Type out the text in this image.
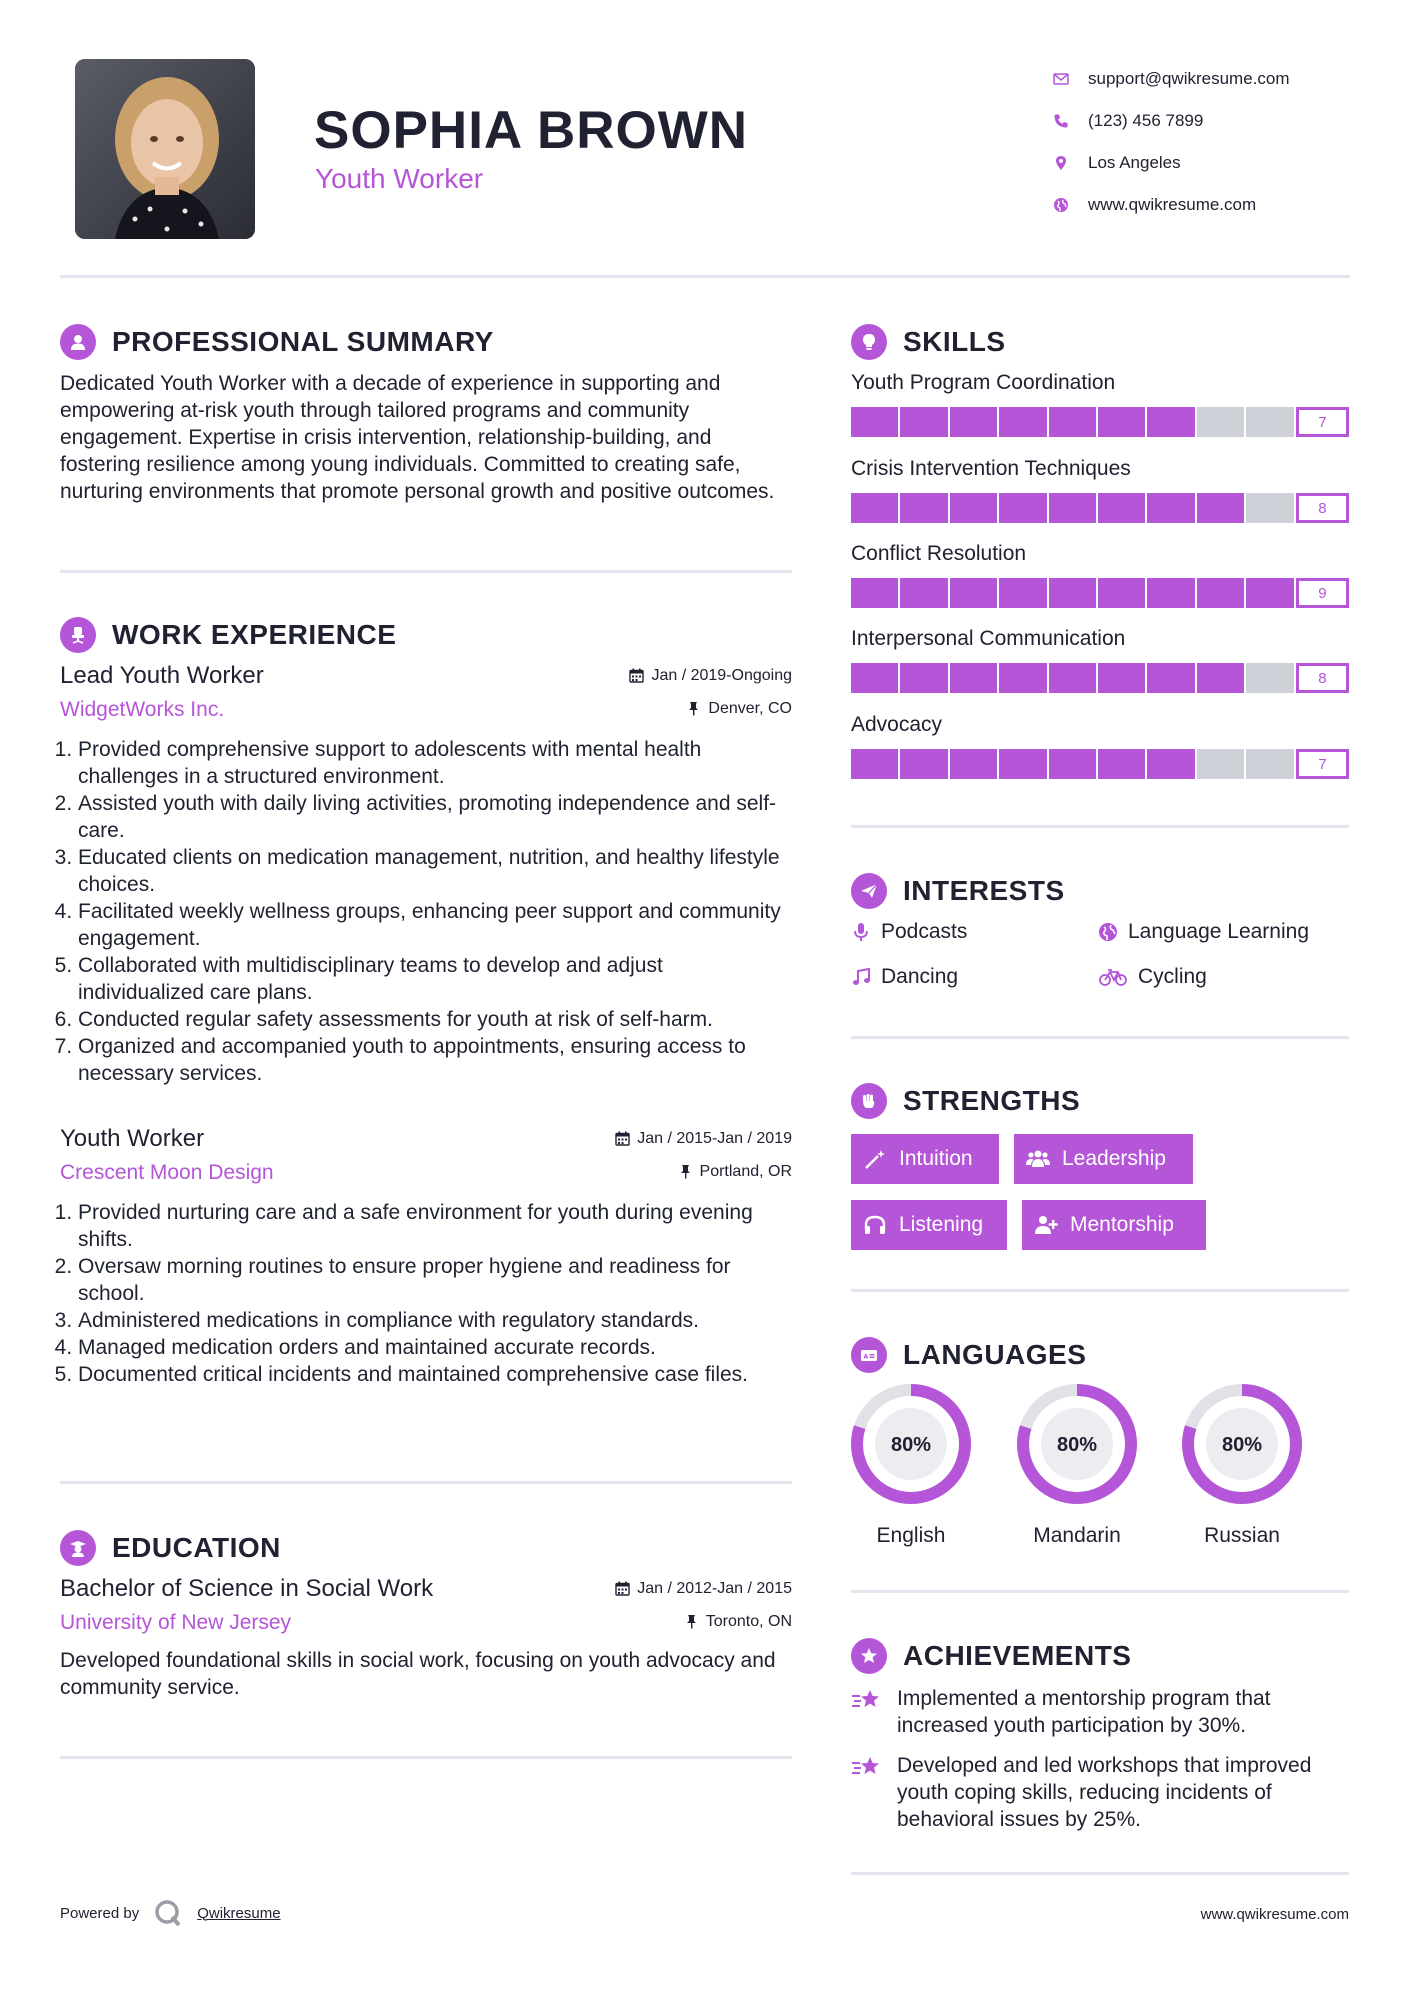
SOPHIA BROWN
Youth Worker
support@qwikresume.com
(123) 456 7899
Los Angeles
www.qwikresume.com
PROFESSIONAL SUMMARY
Dedicated Youth Worker with a decade of experience in supporting and empowering at-risk youth through tailored programs and community engagement. Expertise in crisis intervention, relationship-building, and fostering resilience among young individuals. Committed to creating safe, nurturing environments that promote personal growth and positive outcomes.
WORK EXPERIENCE
Lead Youth Worker	Jan / 2019-Ongoing
WidgetWorks Inc.	Denver, CO
1. Provided comprehensive support to adolescents with mental health challenges in a structured environment.
2. Assisted youth with daily living activities, promoting independence and self-care.
3. Educated clients on medication management, nutrition, and healthy lifestyle choices.
4. Facilitated weekly wellness groups, enhancing peer support and community engagement.
5. Collaborated with multidisciplinary teams to develop and adjust individualized care plans.
6. Conducted regular safety assessments for youth at risk of self-harm.
7. Organized and accompanied youth to appointments, ensuring access to necessary services.
Youth Worker	Jan / 2015-Jan / 2019
Crescent Moon Design	Portland, OR
1. Provided nurturing care and a safe environment for youth during evening shifts.
2. Oversaw morning routines to ensure proper hygiene and readiness for school.
3. Administered medications in compliance with regulatory standards.
4. Managed medication orders and maintained accurate records.
5. Documented critical incidents and maintained comprehensive case files.
EDUCATION
Bachelor of Science in Social Work	Jan / 2012-Jan / 2015
University of New Jersey	Toronto, ON
Developed foundational skills in social work, focusing on youth advocacy and community service.
SKILLS
Youth Program Coordination
7
Crisis Intervention Techniques
8
Conflict Resolution
9
Interpersonal Communication
8
Advocacy
7
INTERESTS
Podcasts	Language Learning
Dancing	Cycling
STRENGTHS
Intuition	Leadership
Listening	Mentorship
A LANGUAGES
80%
English
80%
Mandarin
80%
Russian
ACHIEVEMENTS
Implemented a mentorship program that increased youth participation by 30%.
Developed and led workshops that improved youth coping skills, reducing incidents of behavioral issues by 25%.
Powered by	Qwikresume	www.qwikresume.com
